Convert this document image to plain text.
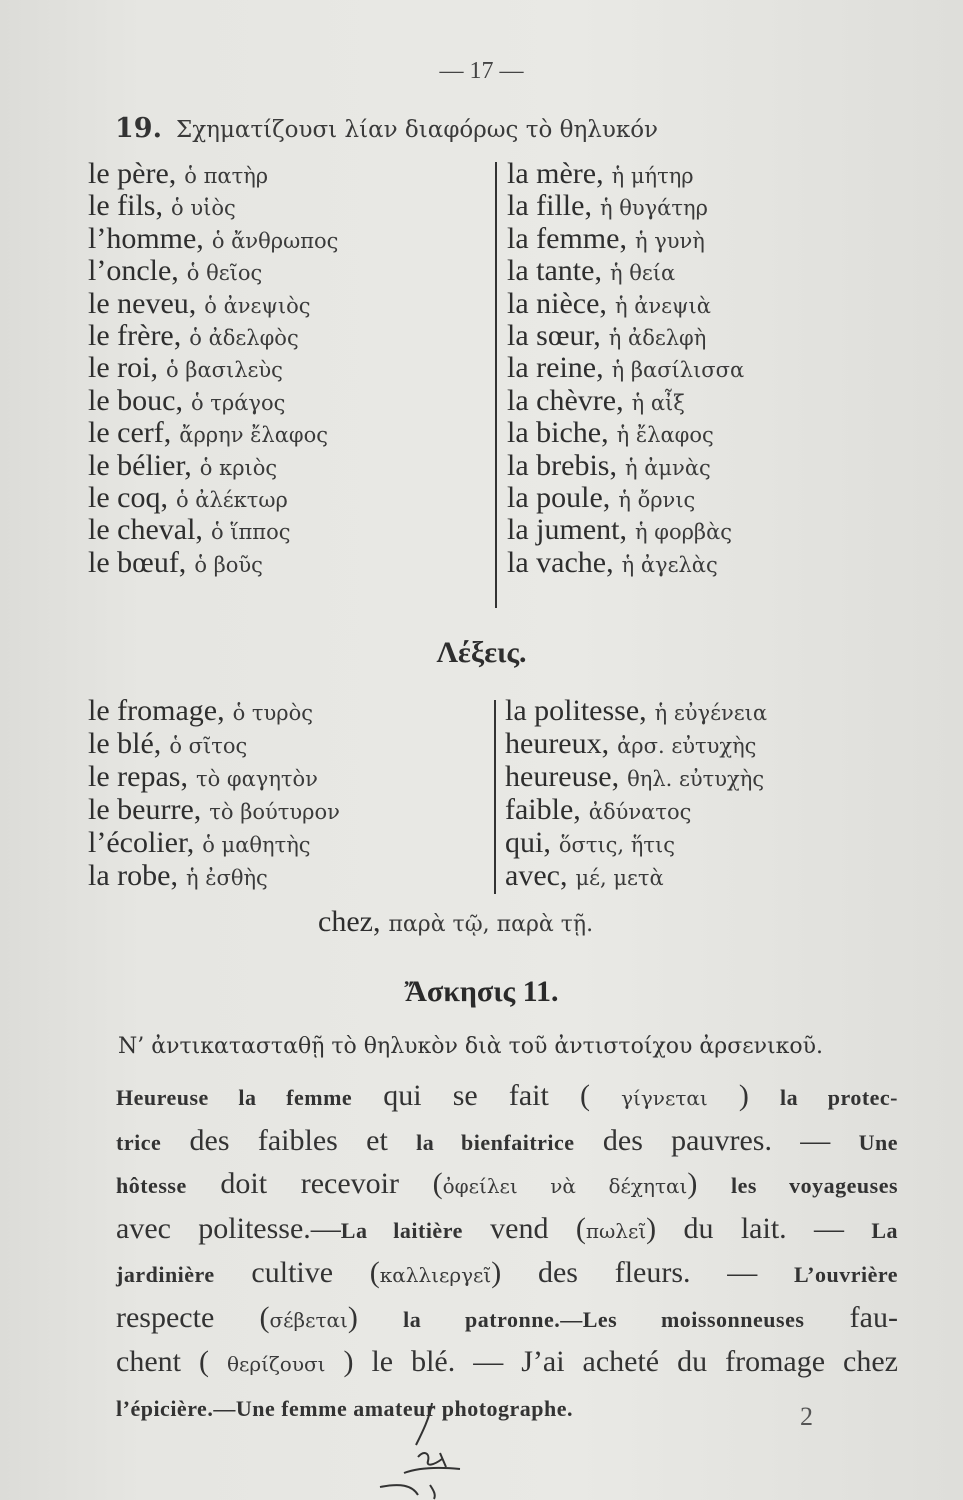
— 17 —
19. Σχηματίζουσι λίαν διαφόρως τὸ θηλυκόν
le père, ὁ πατὴρ
le fils, ὁ υἱὸς
l’homme, ὁ ἄνθρωπος
l’oncle, ὁ θεῖος
le neveu, ὁ ἀνεψιὸς
le frère, ὁ ἀδελφὸς
le roi, ὁ βασιλεὺς
le bouc, ὁ τράγος
le cerf, ἄρρην ἔλαφος
le bélier, ὁ κριὸς
le coq, ὁ ἀλέκτωρ
le cheval, ὁ ἵππος
le bœuf, ὁ βοῦς
la mère, ἡ μήτηρ
la fille, ἡ θυγάτηρ
la femme, ἡ γυνὴ
la tante, ἡ θεία
la nièce, ἡ ἀνεψιὰ
la sœur, ἡ ἀδελφὴ
la reine, ἡ βασίλισσα
la chèvre, ἡ αἶξ
la biche, ἡ ἔλαφος
la brebis, ἡ ἀμνὰς
la poule, ἡ ὄρνις
la jument, ἡ φορβὰς
la vache, ἡ ἀγελὰς
Λέξεις.
le fromage, ὁ τυρὸς
le blé, ὁ σῖτος
le repas, τὸ φαγητὸν
le beurre, τὸ βούτυρον
l’écolier, ὁ μαθητὴς
la robe, ἡ ἐσθὴς
la politesse, ἡ εὐγένεια
heureux, ἀρσ. εὐτυχὴς
heureuse, θηλ. εὐτυχὴς
faible, ἀδύνατος
qui, ὅστις, ἥτις
avec, μέ, μετὰ
chez, παρὰ τῷ, παρὰ τῇ.
Ἄσκησις 11.
Ν’ ἀντικατασταθῇ τὸ θηλυκὸν διὰ τοῦ ἀντιστοίχου ἀρσενικοῦ.
Heureuse la femme qui se fait ( γίγνεται ) la protec-
trice des faibles et la bienfaitrice des pauvres. — Une
hôtesse doit recevoir (ὀφείλει νὰ δέχηται) les voyageuses
avec politesse.—La laitière vend (πωλεῖ) du lait. — La
jardinière cultive (καλλιεργεῖ) des fleurs. — L’ouvrière
respecte (σέβεται) la patronne.—Les moissonneuses fau-
chent ( θερίζουσι ) le blé. — J’ai acheté du fromage chez
l’épicière.—Une femme amateur photographe.	2
